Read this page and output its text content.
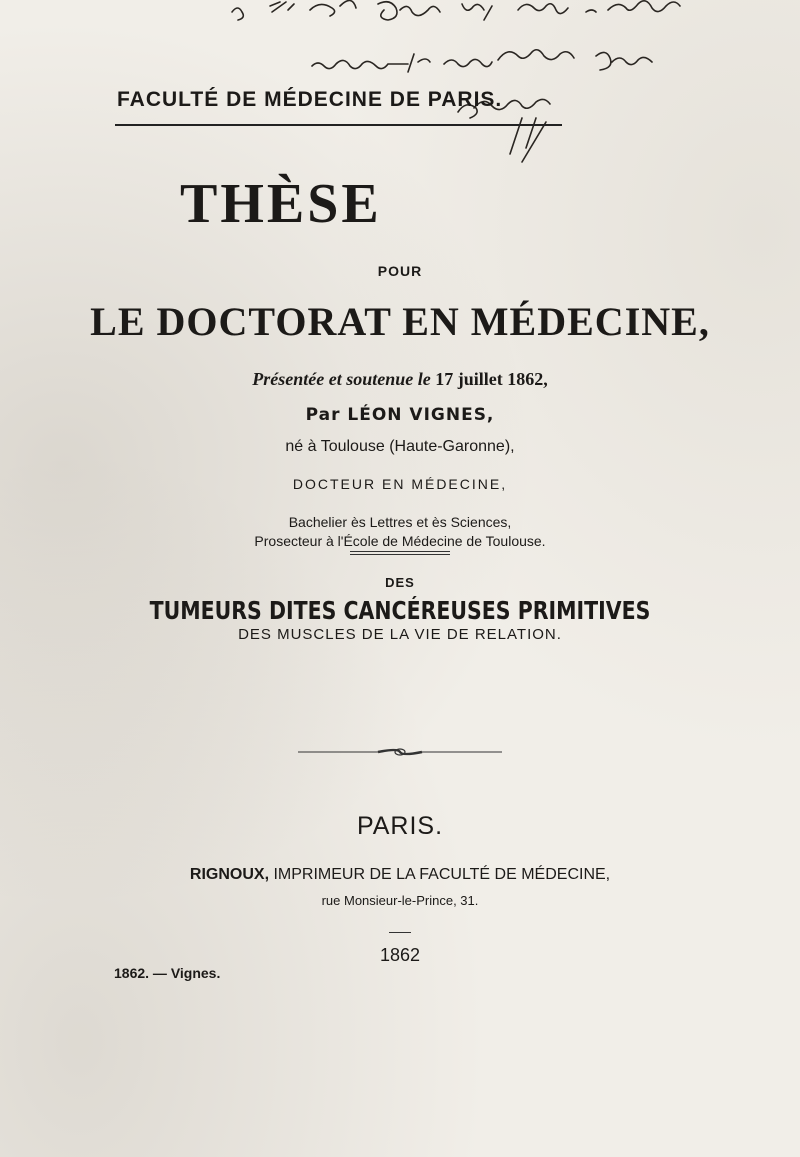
FACULTÉ DE MÉDECINE DE PARIS.
THÈSE
POUR
LE DOCTORAT EN MÉDECINE,
Présentée et soutenue le 17 juillet 1862,
Par LÉON VIGNES,
né à Toulouse (Haute-Garonne),
DOCTEUR EN MÉDECINE,
Bachelier ès Lettres et ès Sciences,
Prosecteur à l'École de Médecine de Toulouse.
DES
TUMEURS DITES CANCÉREUSES PRIMITIVES
DES MUSCLES DE LA VIE DE RELATION.
PARIS.
RIGNOUX, IMPRIMEUR DE LA FACULTÉ DE MÉDECINE,
rue Monsieur-le-Prince, 31.
1862
1862. — Vignes.
